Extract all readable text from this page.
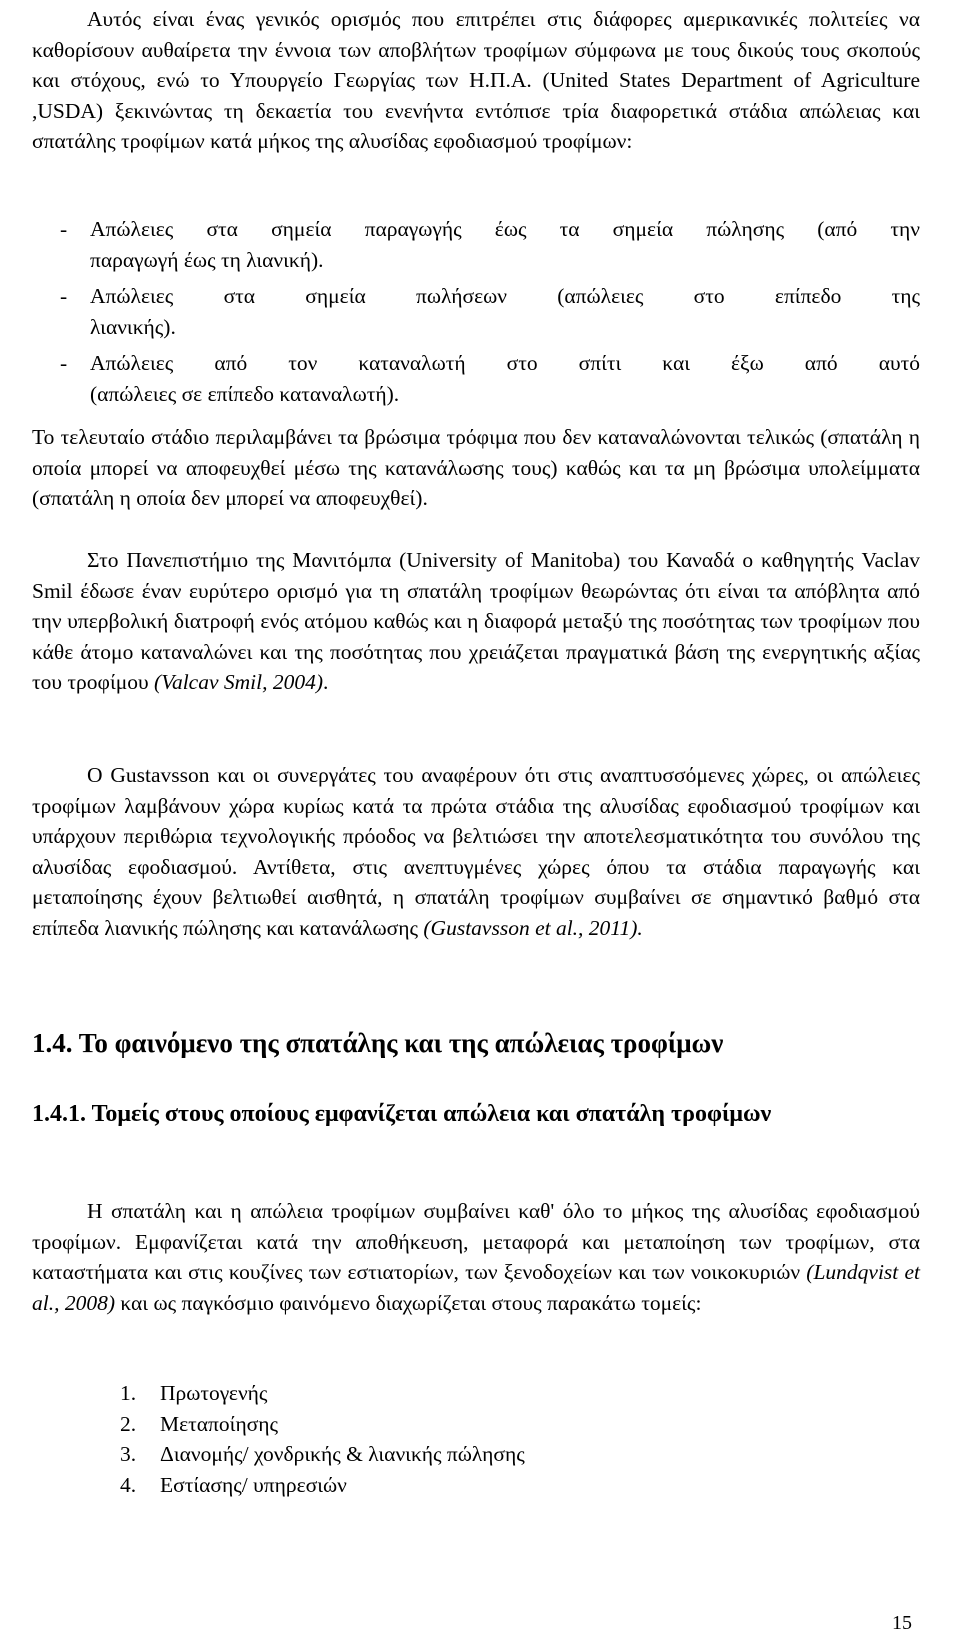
Αυτός είναι ένας γενικός ορισμός που επιτρέπει στις διάφορες αμερικανικές πολιτείες να καθορίσουν αυθαίρετα την έννοια των αποβλήτων τροφίμων σύμφωνα με τους δικούς τους σκοπούς και στόχους, ενώ το Υπουργείο Γεωργίας των Η.Π.Α. (United States Department of Agriculture ,USDA) ξεκινώντας τη δεκαετία του ενενήντα εντόπισε τρία διαφορετικά στάδια απώλειας και σπατάλης τροφίμων κατά μήκος της αλυσίδας εφοδιασμού τροφίμων:

-	Απώλειες στα σημεία παραγωγής έως τα σημεία πώλησης (από την
παραγωγή έως τη λιανική).
-	Απώλειες στα σημεία πωλήσεων (απώλειες στο επίπεδο της
λιανικής).
-	Απώλειες από τον καταναλωτή στο σπίτι και έξω από αυτό
(απώλειες σε επίπεδο καταναλωτή).

Το τελευταίο στάδιο περιλαμβάνει τα βρώσιμα τρόφιμα που δεν καταναλώνονται τελικώς (σπατάλη η οποία μπορεί να αποφευχθεί μέσω της κατανάλωσης τους) καθώς και τα μη βρώσιμα υπολείμματα (σπατάλη η οποία δεν μπορεί να αποφευχθεί).

Στο Πανεπιστήμιο της Μανιτόμπα (University of Manitoba) του Καναδά ο καθηγητής Vaclav Smil έδωσε έναν ευρύτερο ορισμό για τη σπατάλη τροφίμων θεωρώντας ότι είναι τα απόβλητα από την υπερβολική διατροφή ενός ατόμου καθώς και η διαφορά μεταξύ της ποσότητας των τροφίμων που κάθε άτομο καταναλώνει και της ποσότητας που χρειάζεται πραγματικά βάση της ενεργητικής αξίας του τροφίμου (Valcav Smil, 2004).

Ο Gustavsson και οι συνεργάτες του αναφέρουν ότι στις αναπτυσσόμενες χώρες, οι απώλειες τροφίμων λαμβάνουν χώρα κυρίως κατά τα πρώτα στάδια της αλυσίδας εφοδιασμού τροφίμων και υπάρχουν περιθώρια τεχνολογικής πρόοδος να βελτιώσει την αποτελεσματικότητα του συνόλου της αλυσίδας εφοδιασμού. Αντίθετα, στις ανεπτυγμένες χώρες όπου τα στάδια παραγωγής και μεταποίησης έχουν βελτιωθεί αισθητά, η σπατάλη τροφίμων συμβαίνει σε σημαντικό βαθμό στα επίπεδα λιανικής πώλησης και κατανάλωσης (Gustavsson et al., 2011).

1.4. Το φαινόμενο της σπατάλης και της απώλειας τροφίμων
1.4.1. Τομείς στους οποίους εμφανίζεται απώλεια και σπατάλη τροφίμων

Η σπατάλη και η απώλεια τροφίμων συμβαίνει καθ' όλο το μήκος της αλυσίδας εφοδιασμού τροφίμων. Εμφανίζεται κατά την αποθήκευση, μεταφορά και μεταποίηση των τροφίμων, στα καταστήματα και στις κουζίνες των εστιατορίων, των ξενοδοχείων και των νοικοκυριών (Lundqvist et al., 2008) και ως παγκόσμιο φαινόμενο διαχωρίζεται στους παρακάτω τομείς:

1. Πρωτογενής
2. Μεταποίησης
3. Διανομής/ χονδρικής & λιανικής πώλησης
4. Εστίασης/ υπηρεσιών
15
